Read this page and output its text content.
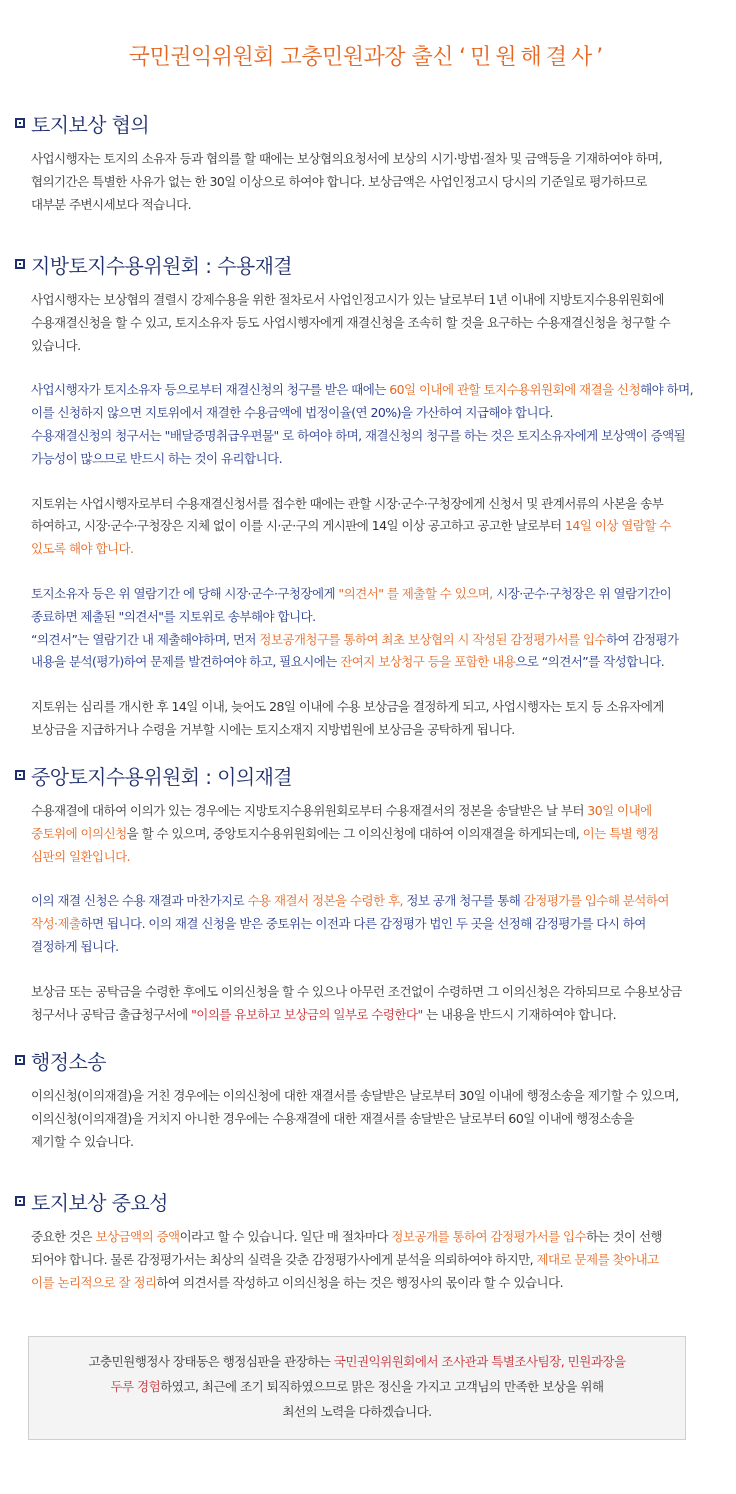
국민권익위원회 고충민원과장 출신 ‘민원해결사’
토지보상 협의
사업시행자는 토지의 소유자 등과 협의를 할 때에는 보상협의요청서에 보상의 시기·방법·절차 및 금액등을 기재하여야 하며,
협의기간은 특별한 사유가 없는 한 30일 이상으로 하여야 합니다. 보상금액은 사업인정고시 당시의 기준일로 평가하므로
대부분 주변시세보다 적습니다.
지방토지수용위원회 : 수용재결
사업시행자는 보상협의 결렬시 강제수용을 위한 절차로서 사업인정고시가 있는 날로부터 1년 이내에 지방토지수용위원회에
수용재결신청을 할 수 있고, 토지소유자 등도 사업시행자에게 재결신청을 조속히 할 것을 요구하는 수용재결신청을 청구할 수
있습니다.
사업시행자가 토지소유자 등으로부터 재결신청의 청구를 받은 때에는 60일 이내에 관할 토지수용위원회에 재결을 신청해야 하며,
이를 신청하지 않으면 지토위에서 재결한 수용금액에 법정이율(연 20%)을 가산하여 지급해야 합니다.
수용재결신청의 청구서는 "배달증명취급우편물" 로 하여야 하며, 재결신청의 청구를 하는 것은 토지소유자에게 보상액이 증액될
가능성이 많으므로 반드시 하는 것이 유리합니다.
지토위는 사업시행자로부터 수용재결신청서를 접수한 때에는 관할 시장·군수·구청장에게 신청서 및 관계서류의 사본을 송부
하여하고, 시장·군수·구청장은 지체 없이 이를 시·군·구의 게시판에 14일 이상 공고하고 공고한 날로부터 14일 이상 열람할 수
있도록 해야 합니다.
토지소유자 등은 위 열람기간 에 당해 시장·군수·구청장에게 "의견서" 를 제출할 수 있으며, 시장·군수·구청장은 위 열람기간이
종료하면 제출된 "의견서"를 지토위로 송부해야 합니다.
“의견서”는 열람기간 내 제출해야하며, 먼저 정보공개청구를 통하여 최초 보상협의 시 작성된 감정평가서를 입수하여 감정평가
내용을 분석(평가)하여 문제를 발견하여야 하고, 필요시에는 잔여지 보상청구 등을 포함한 내용으로 “의견서”를 작성합니다.
지토위는 심리를 개시한 후 14일 이내, 늦어도 28일 이내에 수용 보상금을 결정하게 되고, 사업시행자는 토지 등 소유자에게
보상금을 지급하거나 수령을 거부할 시에는 토지소재지 지방법원에 보상금을 공탁하게 됩니다.
중앙토지수용위원회 : 이의재결
수용재결에 대하여 이의가 있는 경우에는 지방토지수용위원회로부터 수용재결서의 정본을 송달받은 날 부터 30일 이내에
중토위에 이의신청을 할 수 있으며, 중앙토지수용위원회에는 그 이의신청에 대하여 이의재결을 하게되는데, 이는 특별 행정
심판의 일환입니다.
이의 재결 신청은 수용 재결과 마찬가지로 수용 재결서 정본을 수령한 후, 정보 공개 청구를 통해 감정평가를 입수해 분석하여
작성·제출하면 됩니다. 이의 재결 신청을 받은 중토위는 이전과 다른 감정평가 법인 두 곳을 선정해 감정평가를 다시 하여
결정하게 됩니다.
보상금 또는 공탁금을 수령한 후에도 이의신청을 할 수 있으나 아무런 조건없이 수령하면 그 이의신청은 각하되므로 수용보상금
청구서나 공탁금 출급청구서에 "이의를 유보하고 보상금의 일부로 수령한다" 는 내용을 반드시 기재하여야 합니다.
행정소송
이의신청(이의재결)을 거친 경우에는 이의신청에 대한 재결서를 송달받은 날로부터 30일 이내에 행정소송을 제기할 수 있으며,
이의신청(이의재결)을 거치지 아니한 경우에는 수용재결에 대한 재결서를 송달받은 날로부터 60일 이내에 행정소송을
제기할 수 있습니다.
토지보상 중요성
중요한 것은 보상금액의 증액이라고 할 수 있습니다. 일단 매 절차마다 정보공개를 통하여 감정평가서를 입수하는 것이 선행
되어야 합니다. 물론 감정평가서는 최상의 실력을 갖춘 감정평가사에게 분석을 의뢰하여야 하지만, 제대로 문제를 찾아내고
이를 논리적으로 잘 정리하여 의견서를 작성하고 이의신청을 하는 것은 행정사의 몫이라 할 수 있습니다.
고충민원행정사 장태동은 행정심판을 관장하는 국민권익위원회에서 조사관과 특별조사팀장, 민원과장을
두루 경험하였고, 최근에 조기 퇴직하였으므로 맑은 정신을 가지고 고객님의 만족한 보상을 위해
최선의 노력을 다하겠습니다.
